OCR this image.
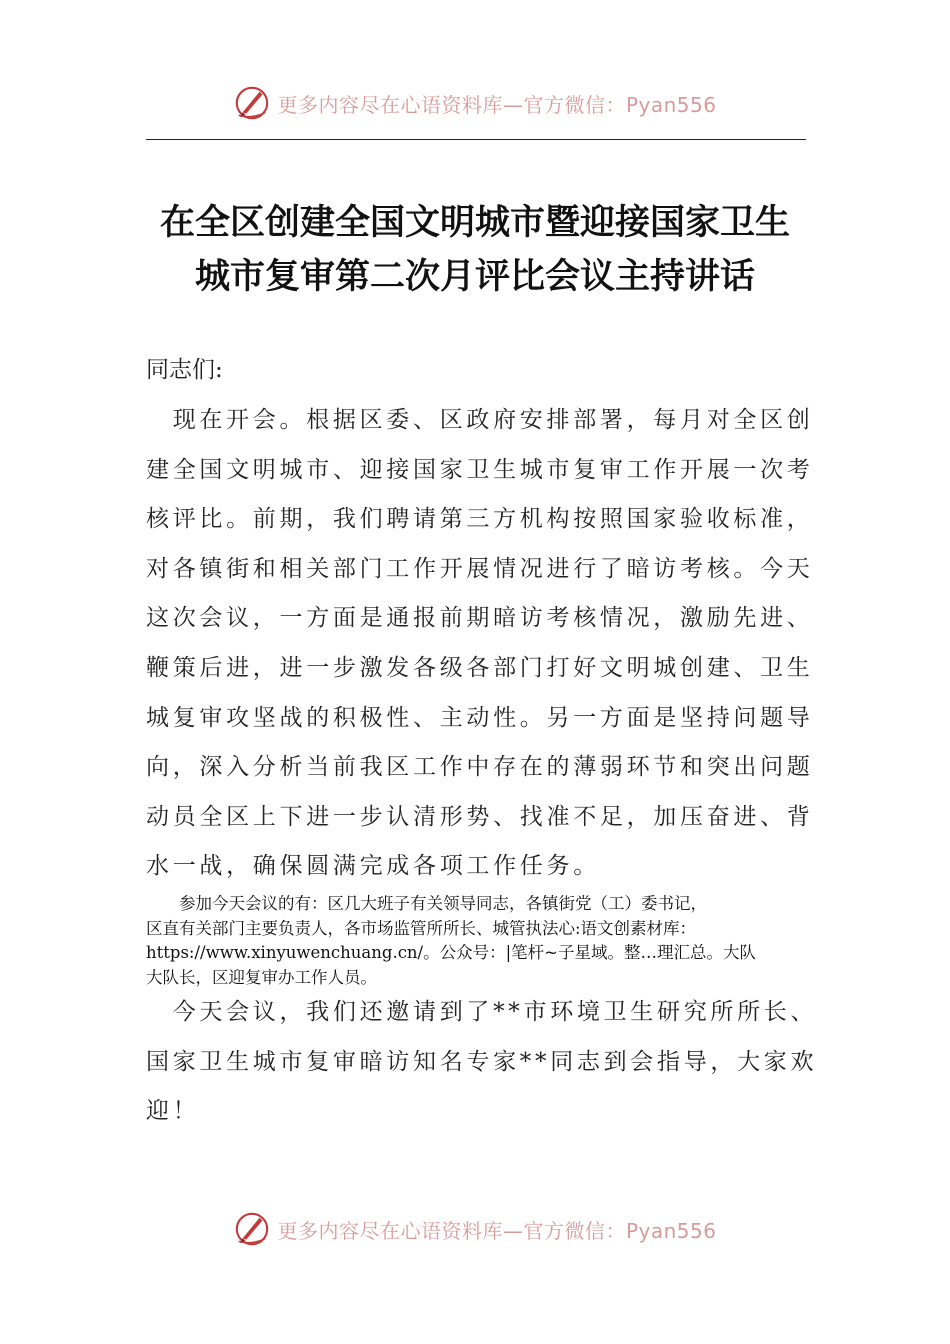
更多内容尽在心语资料库—官方微信：Pyan556
在全区创建全国文明城市暨迎接国家卫生
城市复审第二次月评比会议主持讲话
同志们:
　现在开会。根据区委、区政府安排部署，每月对全区创
建全国文明城市、迎接国家卫生城市复审工作开展一次考
核评比。前期，我们聘请第三方机构按照国家验收标准，
对各镇街和相关部门工作开展情况进行了暗访考核。今天
这次会议，一方面是通报前期暗访考核情况，激励先进、
鞭策后进，进一步激发各级各部门打好文明城创建、卫生
城复审攻坚战的积极性、主动性。另一方面是坚持问题导
向，深入分析当前我区工作中存在的薄弱环节和突出问题
动员全区上下进一步认清形势、找准不足，加压奋进、背
水一战，确保圆满完成各项工作任务。
　　参加今天会议的有：区几大班子有关领导同志，各镇街党（工）委书记，
区直有关部门主要负责人，各市场监管所所长、城管执法心:语文创素材库：
https://www.xinyuwenchuang.cn/。公众号：|笔杆~子星域。整…理汇总。大队
大队长，区迎复审办工作人员。
　今天会议，我们还邀请到了**市环境卫生研究所所长、
国家卫生城市复审暗访知名专家**同志到会指导，大家欢
迎！
更多内容尽在心语资料库—官方微信：Pyan556
